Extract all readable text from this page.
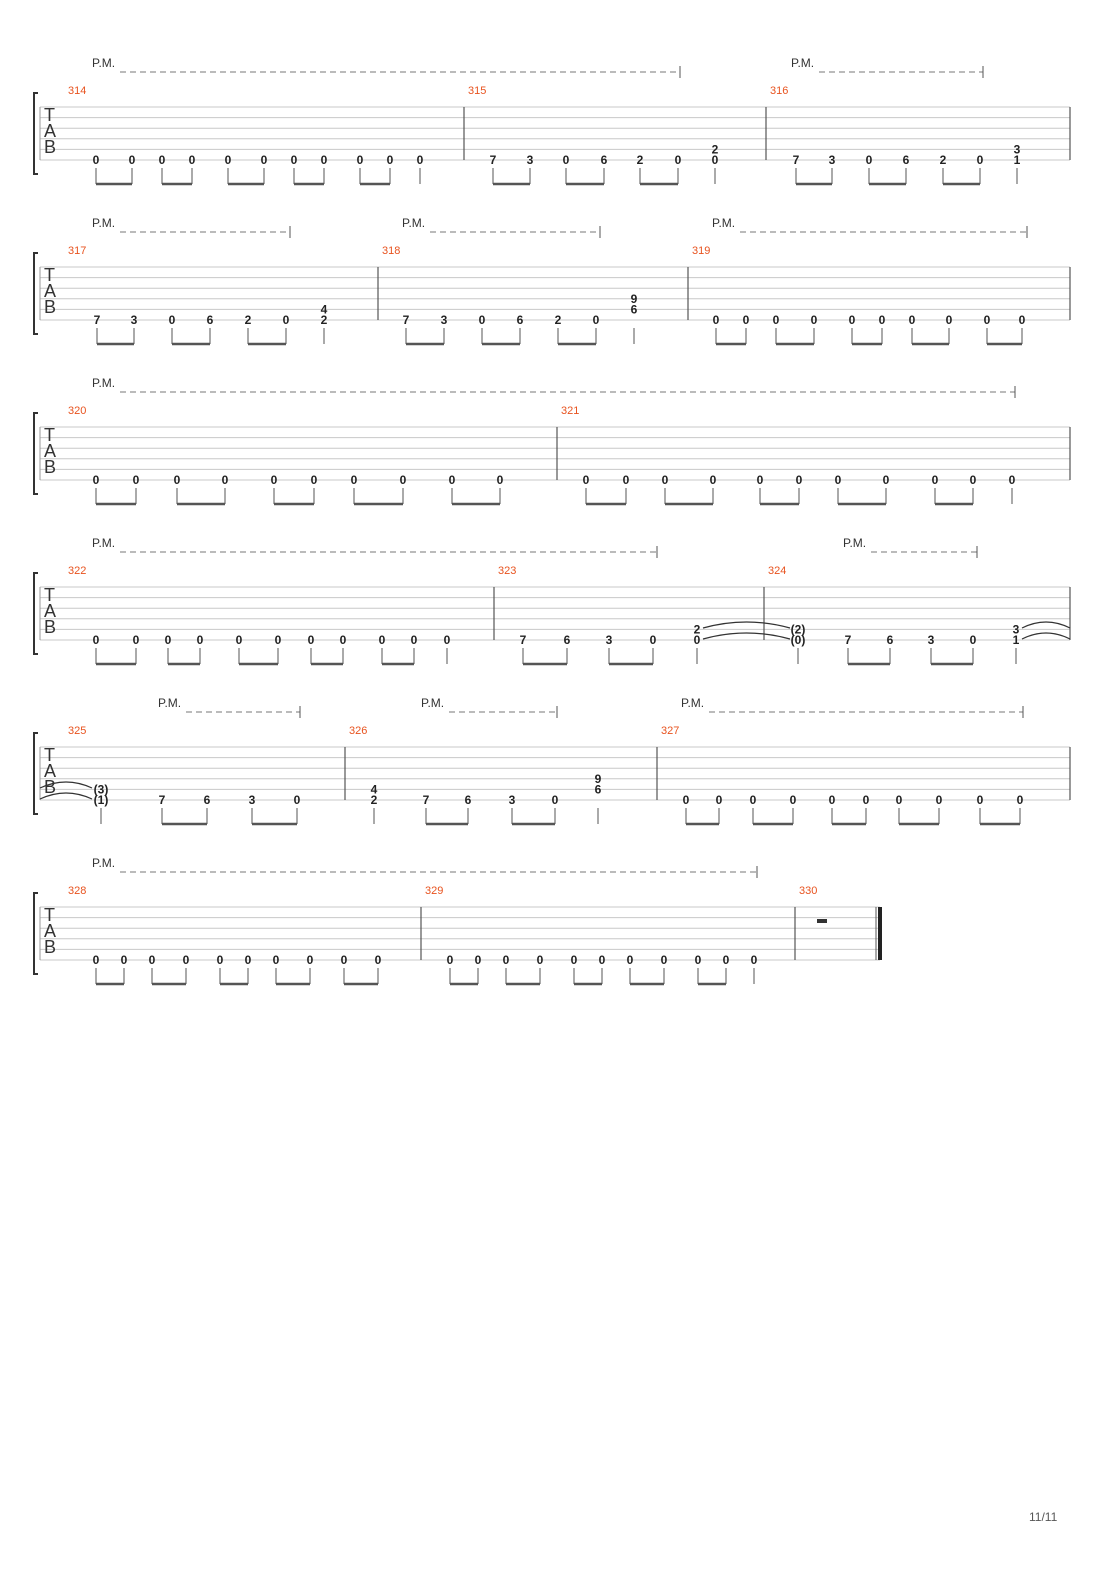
T
A
B
P.M.	P.M.
314
0 0 0 0 0 0 0 0 0 0 0
315
7	3 0	6 2	0
2
0
316
7 3	0	6	2	0
3
1
T
A
B
P.M.	P.M.	P.M.
317
7	3	0	6	2	0
4
2
318
7	3	0	6	2	0
9
6
319
0 0 0	0	0 0 0	0	0 0
T
A
B
P.M.
320
0	0	0	0	0	0	0	0	0	0
321
0	0	0	0	0	0	0	0	0	0	0
T
A
B
P.M.	P.M.
322
0	0 0 0	0	0 0 0	0 0 0
323
7	6	3	0
2
0
324
(2)
(0)	7	6	3	0
3
1
T
A
B
P.M.	P.M.	P.M.
325
(3)
(1)	7	6	3	0
326
4
2	7	6	3	0
9
6
327
0 0 0	0	0 0 0	0	0	0
T
A
B
P.M.
328
0 0 0 0 0 0 0 0 0 0
329
0 0 0 0 0 0 0 0 0 0 0
330
11/11
